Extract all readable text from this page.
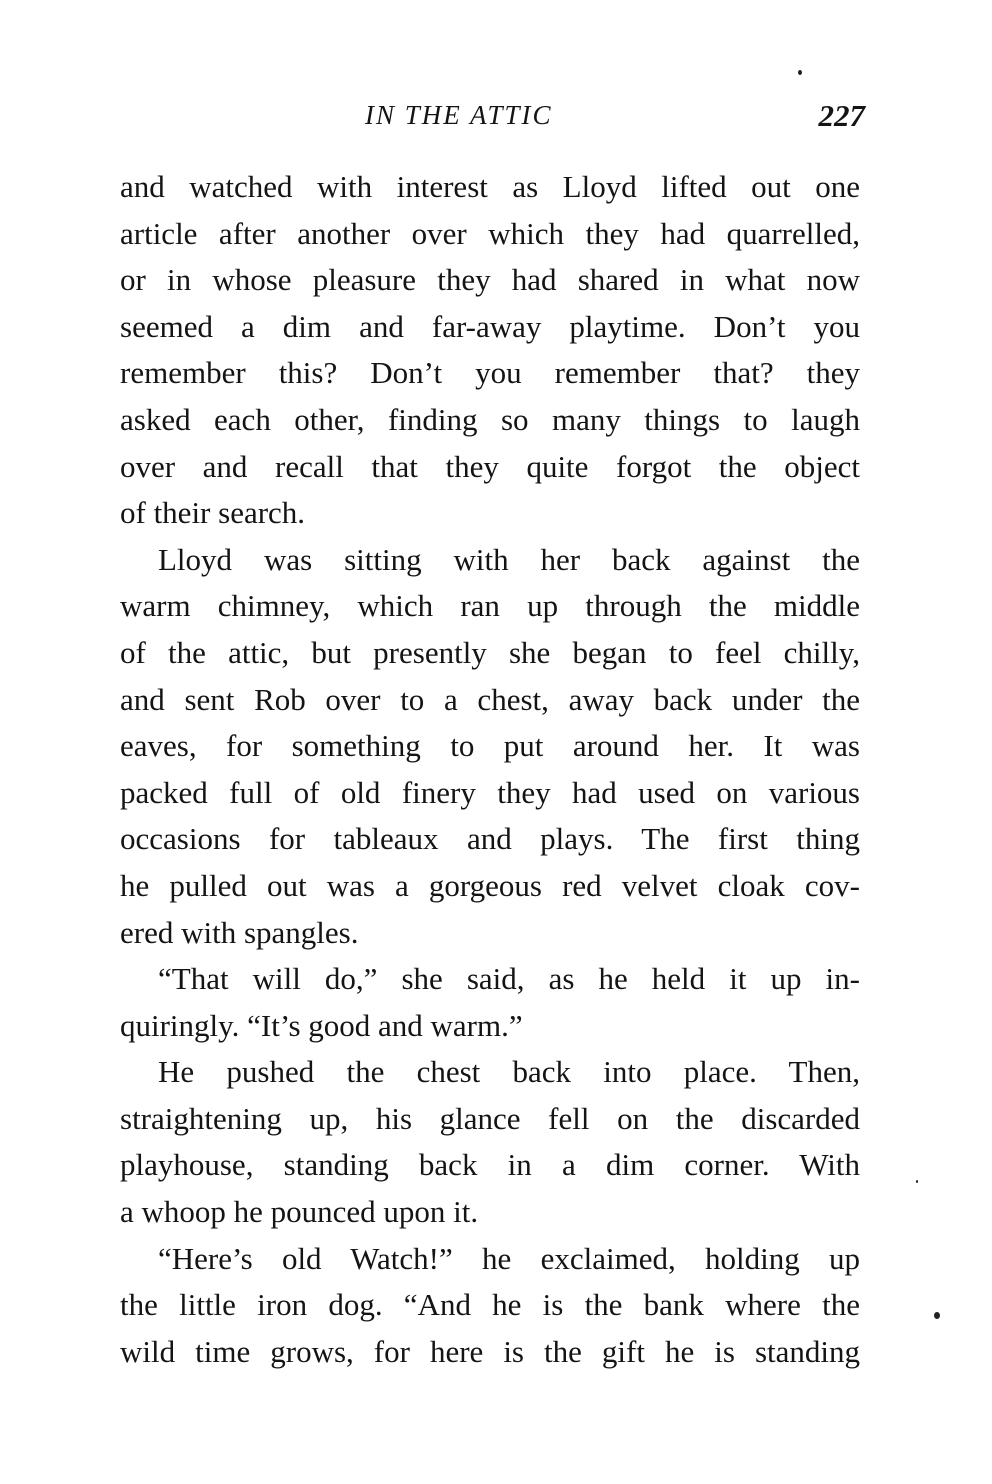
IN THE ATTIC	227

and watched with interest as Lloyd lifted out one
article after another over which they had quarrelled,
or in whose pleasure they had shared in what now
seemed a dim and far-away playtime. Don’t you
remember this? Don’t you remember that? they
asked each other, finding so many things to laugh
over and recall that they quite forgot the object
of their search.

Lloyd was sitting with her back against the
warm chimney, which ran up through the middle
of the attic, but presently she began to feel chilly,
and sent Rob over to a chest, away back under the
eaves, for something to put around her. It was
packed full of old finery they had used on various
occasions for tableaux and plays. The first thing
he pulled out was a gorgeous red velvet cloak cov-
ered with spangles.

“That will do,” she said, as he held it up in-
quiringly. “It’s good and warm.”

He pushed the chest back into place. Then,
straightening up, his glance fell on the discarded
playhouse, standing back in a dim corner. With
a whoop he pounced upon it.

“Here’s old Watch!” he exclaimed, holding up
the little iron dog. “And he is the bank where the
wild time grows, for here is the gift he is standing
